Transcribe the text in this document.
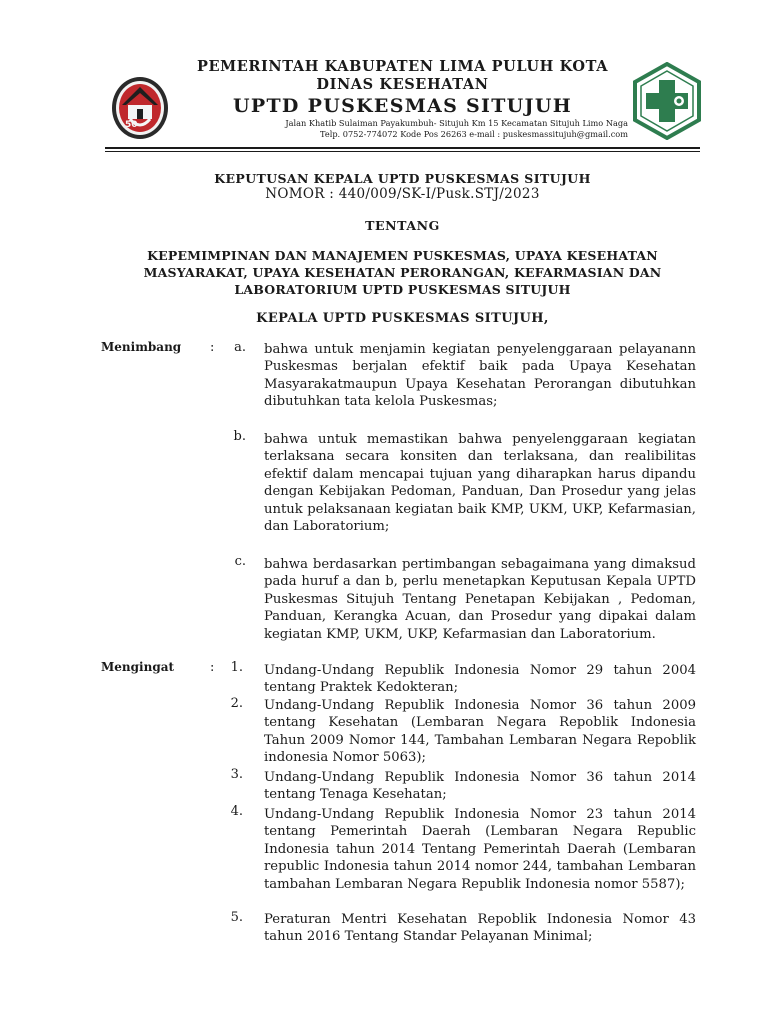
50
PEMERINTAH KABUPATEN LIMA PULUH KOTA
DINAS KESEHATAN
UPTD PUSKESMAS SITUJUH
Jalan Khatib Sulaiman Payakumbuh- Situjuh Km 15 Kecamatan Situjuh Limo Naga
Telp. 0752-774072 Kode Pos 26263 e-mail : puskesmassitujuh@gmail.com
KEPUTUSAN KEPALA UPTD PUSKESMAS SITUJUH
NOMOR : 440/009/SK-I/Pusk.STJ/2023
TENTANG
KEPEMIMPINAN DAN MANAJEMEN PUSKESMAS, UPAYA KESEHATAN
MASYARAKAT, UPAYA KESEHATAN PERORANGAN, KEFARMASIAN DAN
LABORATORIUM UPTD PUSKESMAS SITUJUH
KEPALA UPTD PUSKESMAS SITUJUH,
Menimbang :	a. bahwa untuk menjamin kegiatan penyelenggaraan pelayanann Puskesmas berjalan efektif baik pada Upaya Kesehatan Masyarakatmaupun Upaya Kesehatan Perorangan dibutuhkan dibutuhkan tata kelola Puskesmas;
b. bahwa untuk memastikan bahwa penyelenggaraan kegiatan terlaksana secara konsiten dan terlaksana, dan realibilitas efektif dalam mencapai tujuan yang diharapkan harus dipandu dengan Kebijakan Pedoman, Panduan, Dan Prosedur yang jelas untuk pelaksanaan kegiatan baik KMP, UKM, UKP, Kefarmasian, dan Laboratorium;
c. bahwa berdasarkan pertimbangan sebagaimana yang dimaksud pada huruf a dan b, perlu menetapkan Keputusan Kepala UPTD Puskesmas Situjuh Tentang Penetapan Kebijakan , Pedoman, Panduan, Kerangka Acuan, dan Prosedur yang dipakai dalam kegiatan KMP, UKM, UKP, Kefarmasian dan Laboratorium.
Mengingat	:	1. Undang-Undang Republik Indonesia Nomor 29 tahun 2004 tentang Praktek Kedokteran;
2. Undang-Undang Republik Indonesia Nomor 36 tahun 2009 tentang Kesehatan (Lembaran Negara Repoblik Indonesia Tahun 2009 Nomor 144, Tambahan Lembaran Negara Repoblik indonesia Nomor 5063);
3. Undang-Undang Republik Indonesia Nomor 36 tahun 2014 tentang Tenaga Kesehatan;
4. Undang-Undang Republik Indonesia Nomor 23 tahun 2014 tentang Pemerintah Daerah (Lembaran Negara Republic Indonesia tahun 2014 Tentang Pemerintah Daerah (Lembaran republic Indonesia tahun 2014 nomor 244, tambahan Lembaran tambahan Lembaran Negara Republik Indonesia nomor 5587);
5. Peraturan Mentri Kesehatan Repoblik Indonesia Nomor 43 tahun 2016 Tentang Standar Pelayanan Minimal;
